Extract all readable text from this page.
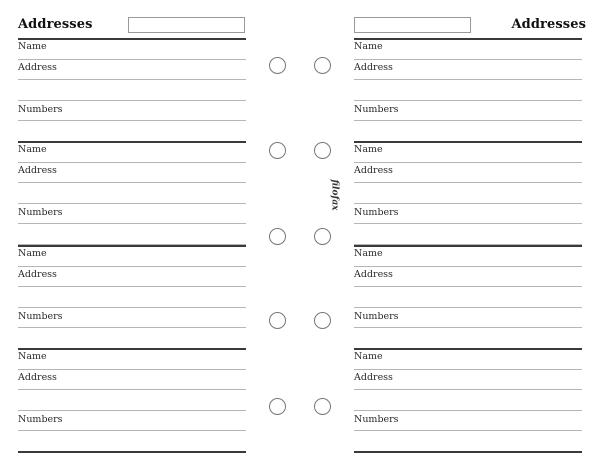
Addresses
Name
Address
Numbers
Name
Address
Numbers
Name
Address
Numbers
Name
Address
Numbers
Addresses
Name
Address
Numbers
Name
Address
Numbers
Name
Address
Numbers
Name
Address
Numbers
filofax
